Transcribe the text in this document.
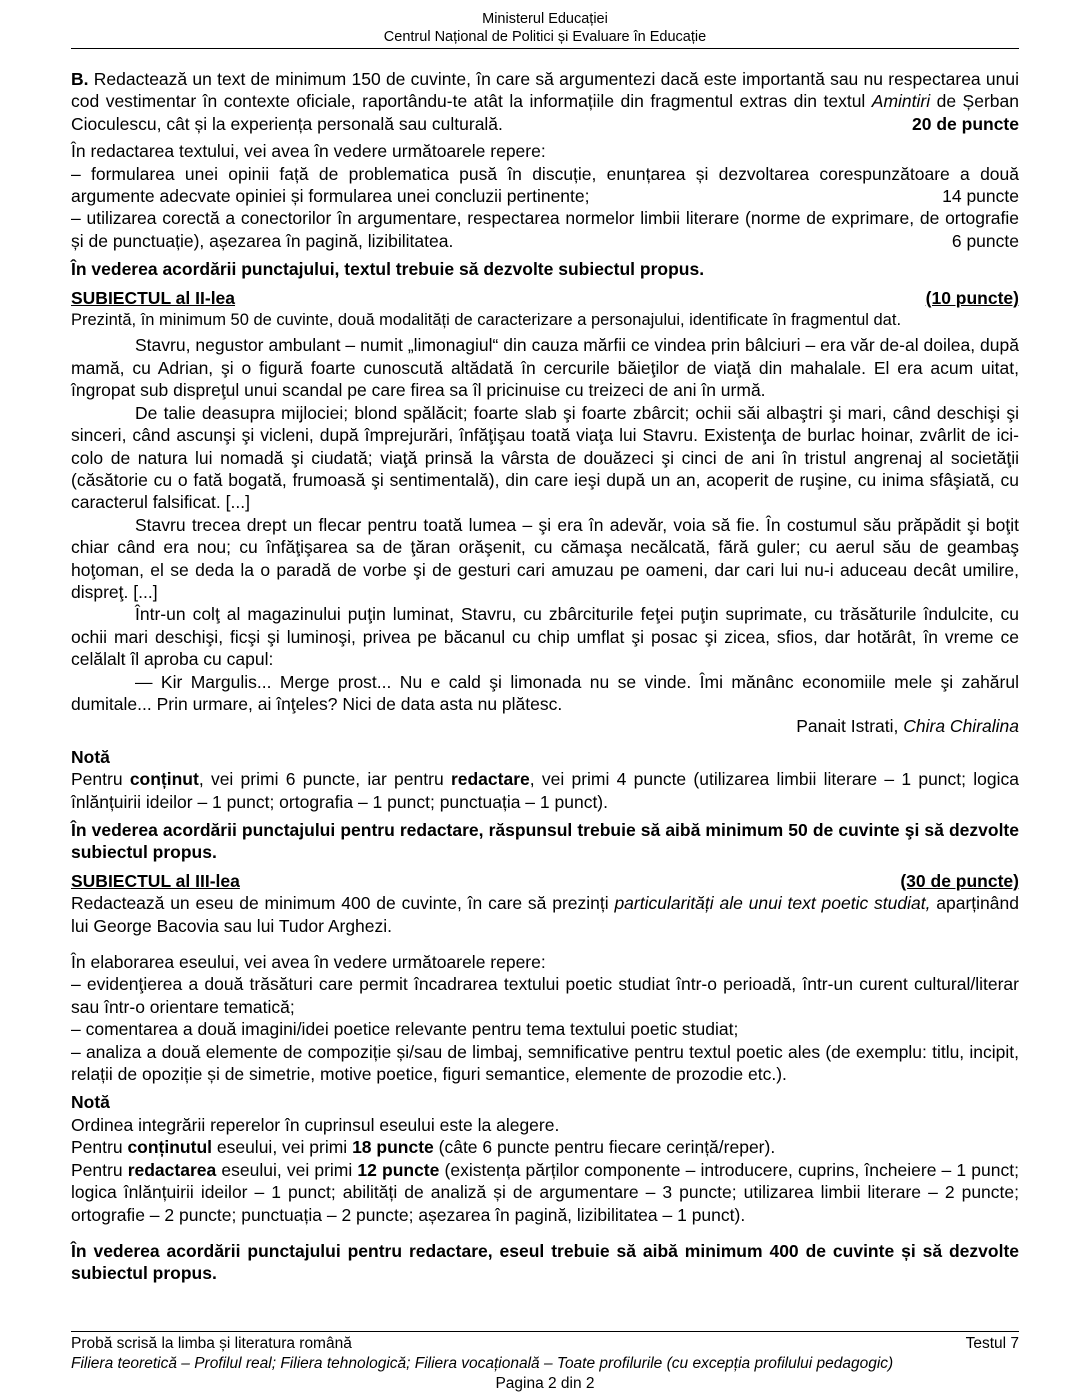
Ministerul Educației
Centrul Național de Politici și Evaluare în Educație

B. Redactează un text de minimum 150 de cuvinte, în care să argumentezi dacă este importantă sau nu respectarea unui cod vestimentar în contexte oficiale, raportându-te atât la informațiile din fragmentul extras din textul Amintiri de Șerban Cioculescu, cât și la experiența personală sau culturală.	20 de puncte

În redactarea textului, vei avea în vedere următoarele repere:

– formularea unei opinii față de problematica pusă în discuție, enunțarea și dezvoltarea corespunzătoare a două argumente adecvate opiniei și formularea unei concluzii pertinente;	14 puncte

– utilizarea corectă a conectorilor în argumentare, respectarea normelor limbii literare (norme de exprimare, de ortografie și de punctuație), așezarea în pagină, lizibilitatea.	6 puncte

În vederea acordării punctajului, textul trebuie să dezvolte subiectul propus.

SUBIECTUL al II-lea	(10 puncte)

Prezintă, în minimum 50 de cuvinte, două modalități de caracterizare a personajului, identificate în fragmentul dat.

Stavru, negustor ambulant – numit „limonagiul“ din cauza mărfii ce vindea prin bâlciuri – era văr de-al doilea, după mamă, cu Adrian, şi o figură foarte cunoscută altădată în cercurile băieţilor de viaţă din mahalale. El era acum uitat, îngropat sub dispreţul unui scandal pe care firea sa îl pricinuise cu treizeci de ani în urmă.

De talie deasupra mijlociei; blond spălăcit; foarte slab şi foarte zbârcit; ochii săi albaştri şi mari, când deschişi şi sinceri, când ascunşi şi vicleni, după împrejurări, înfăţişau toată viaţa lui Stavru. Existenţa de burlac hoinar, zvârlit de ici-colo de natura lui nomadă şi ciudată; viaţă prinsă la vârsta de douăzeci şi cinci de ani în tristul angrenaj al societăţii (căsătorie cu o fată bogată, frumoasă şi sentimentală), din care ieşi după un an, acoperit de ruşine, cu inima sfâşiată, cu caracterul falsificat. [...]

Stavru trecea drept un flecar pentru toată lumea – şi era în adevăr, voia să fie. În costumul său prăpădit şi boţit chiar când era nou; cu înfăţişarea sa de ţăran orăşenit, cu cămaşa necălcată, fără guler; cu aerul său de geambaş hoţoman, el se deda la o paradă de vorbe şi de gesturi cari amuzau pe oameni, dar cari lui nu-i aduceau decât umilire, dispreţ. [...]

Într-un colţ al magazinului puţin luminat, Stavru, cu zbârciturile feţei puţin suprimate, cu trăsăturile îndulcite, cu ochii mari deschişi, ficşi şi luminoşi, privea pe băcanul cu chip umflat şi posac şi zicea, sfios, dar hotărât, în vreme ce celălalt îl aproba cu capul:

— Kir Margulis... Merge prost... Nu e cald şi limonada nu se vinde. Îmi mănânc economiile mele şi zahărul dumitale... Prin urmare, ai înţeles? Nici de data asta nu plătesc.

Panait Istrati, Chira Chiralina

Notă

Pentru conținut, vei primi 6 puncte, iar pentru redactare, vei primi 4 puncte (utilizarea limbii literare – 1 punct; logica înlănțuirii ideilor – 1 punct; ortografia – 1 punct; punctuația – 1 punct).

În vederea acordării punctajului pentru redactare, răspunsul trebuie să aibă minimum 50 de cuvinte şi să dezvolte subiectul propus.

SUBIECTUL al III-lea	(30 de puncte)

Redactează un eseu de minimum 400 de cuvinte, în care să prezinți particularități ale unui text poetic studiat, aparținând lui George Bacovia sau lui Tudor Arghezi.

În elaborarea eseului, vei avea în vedere următoarele repere:

– evidenţierea a două trăsături care permit încadrarea textului poetic studiat într-o perioadă, într-un curent cultural/literar sau într-o orientare tematică;

– comentarea a două imagini/idei poetice relevante pentru tema textului poetic studiat;

– analiza a două elemente de compoziție și/sau de limbaj, semnificative pentru textul poetic ales (de exemplu: titlu, incipit, relații de opoziție și de simetrie, motive poetice, figuri semantice, elemente de prozodie etc.).

Notă

Ordinea integrării reperelor în cuprinsul eseului este la alegere.

Pentru conținutul eseului, vei primi 18 puncte (câte 6 puncte pentru fiecare cerință/reper).

Pentru redactarea eseului, vei primi 12 puncte (existența părților componente – introducere, cuprins, încheiere – 1 punct; logica înlănțuirii ideilor – 1 punct; abilități de analiză și de argumentare – 3 puncte; utilizarea limbii literare – 2 puncte; ortografie – 2 puncte; punctuația – 2 puncte; așezarea în pagină, lizibilitatea – 1 punct).

În vederea acordării punctajului pentru redactare, eseul trebuie să aibă minimum 400 de cuvinte și să dezvolte subiectul propus.

Probă scrisă la limba și literatura română	Testul 7
Filiera teoretică – Profilul real; Filiera tehnologică; Filiera vocațională – Toate profilurile (cu excepția profilului pedagogic)
Pagina 2 din 2
